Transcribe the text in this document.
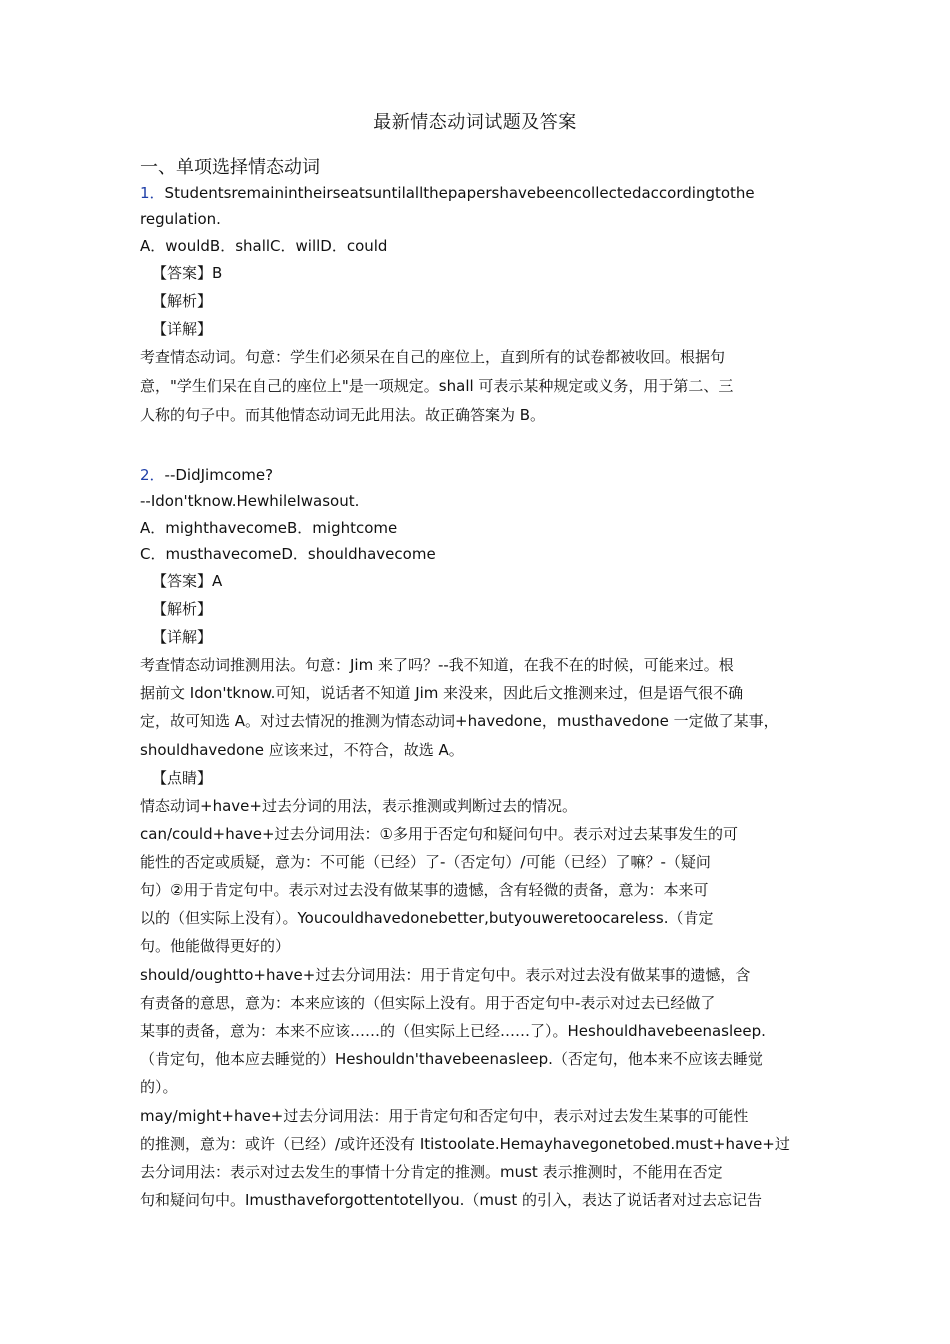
最新情态动词试题及答案
一、单项选择情态动词
1．Studentsremainintheirseatsuntilallthepapershavebeencollectedaccordingtothe
regulation.
A．wouldB．shallC．willD．could
【答案】B
【解析】
【详解】
考查情态动词。句意：学生们必须呆在自己的座位上，直到所有的试卷都被收回。根据句
意，"学生们呆在自己的座位上"是一项规定。shall 可表示某种规定或义务，用于第二、三
人称的句子中。而其他情态动词无此用法。故正确答案为 B。
2．--DidJimcome?
--Idon'tknow.HewhileIwasout.
A．mighthavecomeB．mightcome
C．musthavecomeD．shouldhavecome
【答案】A
【解析】
【详解】
考查情态动词推测用法。句意：Jim 来了吗？--我不知道，在我不在的时候，可能来过。根
据前文 Idon'tknow.可知，说话者不知道 Jim 来没来，因此后文推测来过，但是语气很不确
定，故可知选 A。对过去情况的推测为情态动词+havedone，musthavedone 一定做了某事，
shouldhavedone 应该来过，不符合，故选 A。
【点睛】
情态动词+have+过去分词的用法，表示推测或判断过去的情况。
can/could+have+过去分词用法：①多用于否定句和疑问句中。表示对过去某事发生的可
能性的否定或质疑，意为：不可能（已经）了-（否定句）/可能（已经）了嘛？-（疑问
句）②用于肯定句中。表示对过去没有做某事的遗憾，含有轻微的责备，意为：本来可
以的（但实际上没有）。Youcouldhavedonebetter,butyouweretoocareless.（肯定
句。他能做得更好的）
should/oughtto+have+过去分词用法：用于肯定句中。表示对过去没有做某事的遗憾，含
有责备的意思，意为：本来应该的（但实际上没有。用于否定句中-表示对过去已经做了
某事的责备，意为：本来不应该……的（但实际上已经……了）。Heshouldhavebeenasleep.
（肯定句，他本应去睡觉的）Heshouldn'thavebeenasleep.（否定句，他本来不应该去睡觉
的）。
may/might+have+过去分词用法：用于肯定句和否定句中，表示对过去发生某事的可能性
的推测，意为：或许（已经）/或许还没有 Itistoolate.Hemayhavegonetobed.must+have+过
去分词用法：表示对过去发生的事情十分肯定的推测。must 表示推测时，不能用在否定
句和疑问句中。Imusthaveforgottentotellyou.（must 的引入，表达了说话者对过去忘记告
